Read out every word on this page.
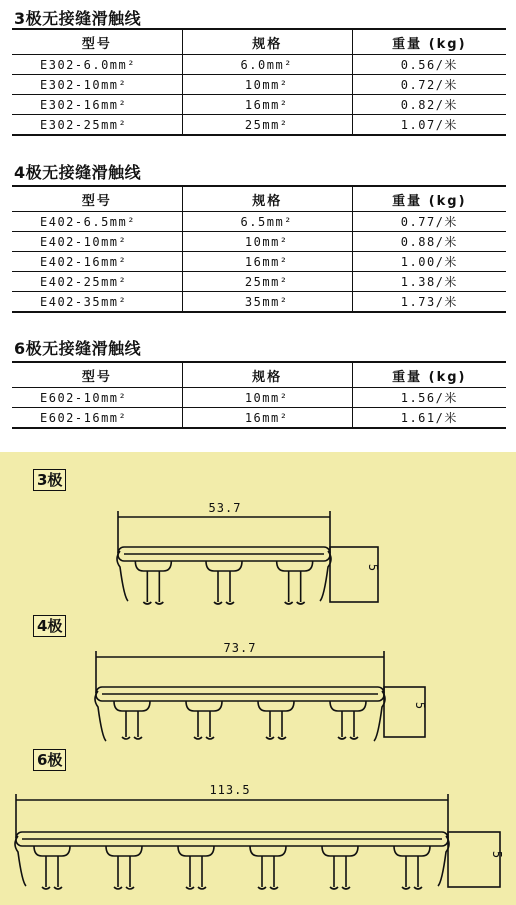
3极无接缝滑触线
型号	规格	重量 (kg)
E302-6.0mm²	6.0mm²	0.56/米
E302-10mm²	10mm²	0.72/米
E302-16mm²	16mm²	0.82/米
E302-25mm²	25mm²	1.07/米
4极无接缝滑触线
型号	规格	重量 (kg)
E402-6.5mm²	6.5mm²	0.77/米
E402-10mm²	10mm²	0.88/米
E402-16mm²	16mm²	1.00/米
E402-25mm²	25mm²	1.38/米
E402-35mm²	35mm²	1.73/米
6极无接缝滑触线
型号	规格	重量 (kg)
E602-10mm²	10mm²	1.56/米
E602-16mm²	16mm²	1.61/米
53.7
73.7
113.5
5
5
5
3极
4极
6极
